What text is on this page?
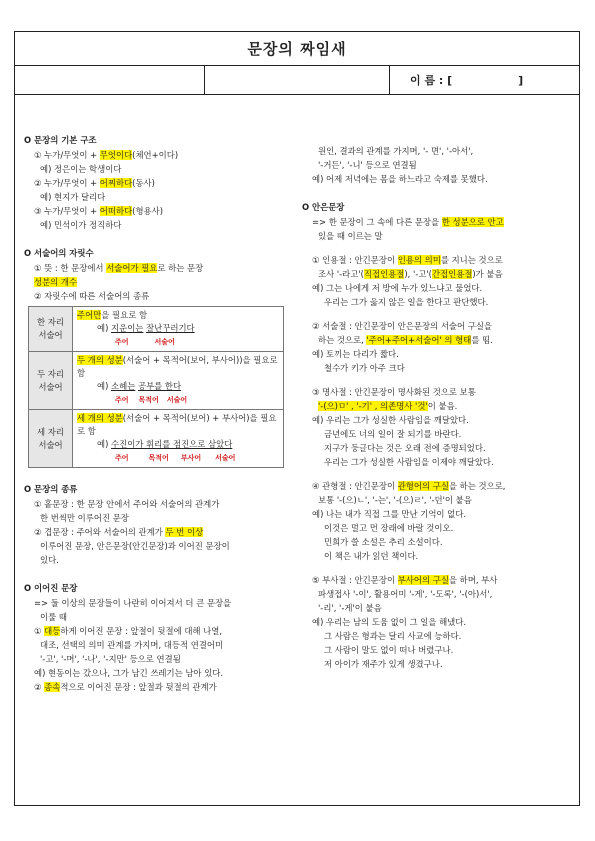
문장의 짜임새
이 름 : [	]
O 문장의 기본 구조
① 누가/무엇이 + 무엇이다(체언+이다)
예) 정은이는 학생이다
② 누가/무엇이 + 어찌하다(동사)
예) 현지가 달리다
③ 누가/무엇이 + 어떠하다(형용사)
예) 민석이가 정직하다
O 서술어의 자릿수
① 뜻 : 한 문장에서 서술어가 필요로 하는 문장
성분의 개수
② 자릿수에 따른 서술어의 종류
한 자리
서술어	주어만을 필요로 함
예) 지운이는 잘난꾸러기다
주어 서술어
두 자리
서술어	두 개의 성분(서술어 + 목적어(보어, 부사어))을 필요로 함
예) 소혜는 공부를 한다
주어 목적어 서술어
세 자리
서술어	세 개의 성분(서술어 + 목적어(보어) + 부사어)을 필요로 함
예) 수진이가 휘리를 점진으로 삼았다
주어 목적어 부사어 서술어
O 문장의 종류
① 홑문장 : 한 문장 안에서 주어와 서술어의 관계가
한 번씩만 이루어진 문장
② 겹문장 : 주어와 서술어의 관계가 두 번 이상
이루어진 문장, 안은문장(안긴문장)과 이어진 문장이
있다.
O 이어진 문장
=> 둘 이상의 문장들이 나란히 이어져서 더 큰 문장을
이룰 때
① 대등하게 이어진 문장 : 앞절이 뒷절에 대해 나열,
대조, 선택의 의미 관계를 가지며, 대등적 연결어미
'-고', '-며', '-나', '-지만' 등으로 연결됨
예) 현동이는 갔으나, 그가 남긴 쓰레기는 남아 있다.
② 종속적으로 이어진 문장 : 앞절과 뒷절의 관계가
원인, 결과의 관계를 가지며, '- 면', '-아서',
'-거든', '-니' 등으로 연결됨
예) 어제 저녁에는 몸을 하느라고 숙제를 못했다.
O 안은문장
=> 한 문장이 그 속에 다른 문장을 한 성분으로 안고
있을 때 이르는 말
① 인용절 : 안긴문장이 인용의 의미를 지니는 것으로
조사 '-라고'(직접인용절), '-고'(간접인용절)가 붙음
예) 그는 나에게 저 방에 누가 있느냐고 물었다.
우리는 그가 옳지 않은 일을 한다고 판단했다.
② 서술절 : 안긴문장이 안은문장의 서술어 구실을
하는 것으로, '주어+주어+서술어' 의 형태를 띰.
예) 토끼는 다리가 짧다.
철수가 키가 아주 크다
③ 명사절 : 안긴문장이 명사화된 것으로 보통
'-(으)ㅁ' , '-기' , 의존명사 '것'이 붙음.
예) 우리는 그가 성실한 사람임을 깨달았다.
금년에도 너의 일이 잘 되기를 바란다.
지구가 둥글다는 것은 오래 전에 증명되었다.
우리는 그가 성실한 사람임을 이제야 깨달았다.
④ 관형절 : 안긴문장이 관형어의 구실을 하는 것으로,
보통 '-(으)ㄴ', '-는', '-(으)ㄹ', '-던'이 붙음
예) 나는 내가 직접 그를 만난 기억이 없다.
이것은 멀고 먼 장래에 바랄 것이오.
민희가 쓸 소설은 추리 소설이다.
이 책은 내가 읽던 책이다.
⑤ 부사절 : 안긴문장이 부사어의 구실을 하며, 부사
파생접사 '-이', 활용어미 '-게', '-도록', '-(아)서',
'-리', '-게'이 붙음
예) 우리는 남의 도움 없이 그 일을 해냈다.
그 사람은 형과는 달리 사교에 능하다.
그 사람이 말도 없이 떠나 버렸구나.
저 아이가 재주가 있게 생겼구나.
